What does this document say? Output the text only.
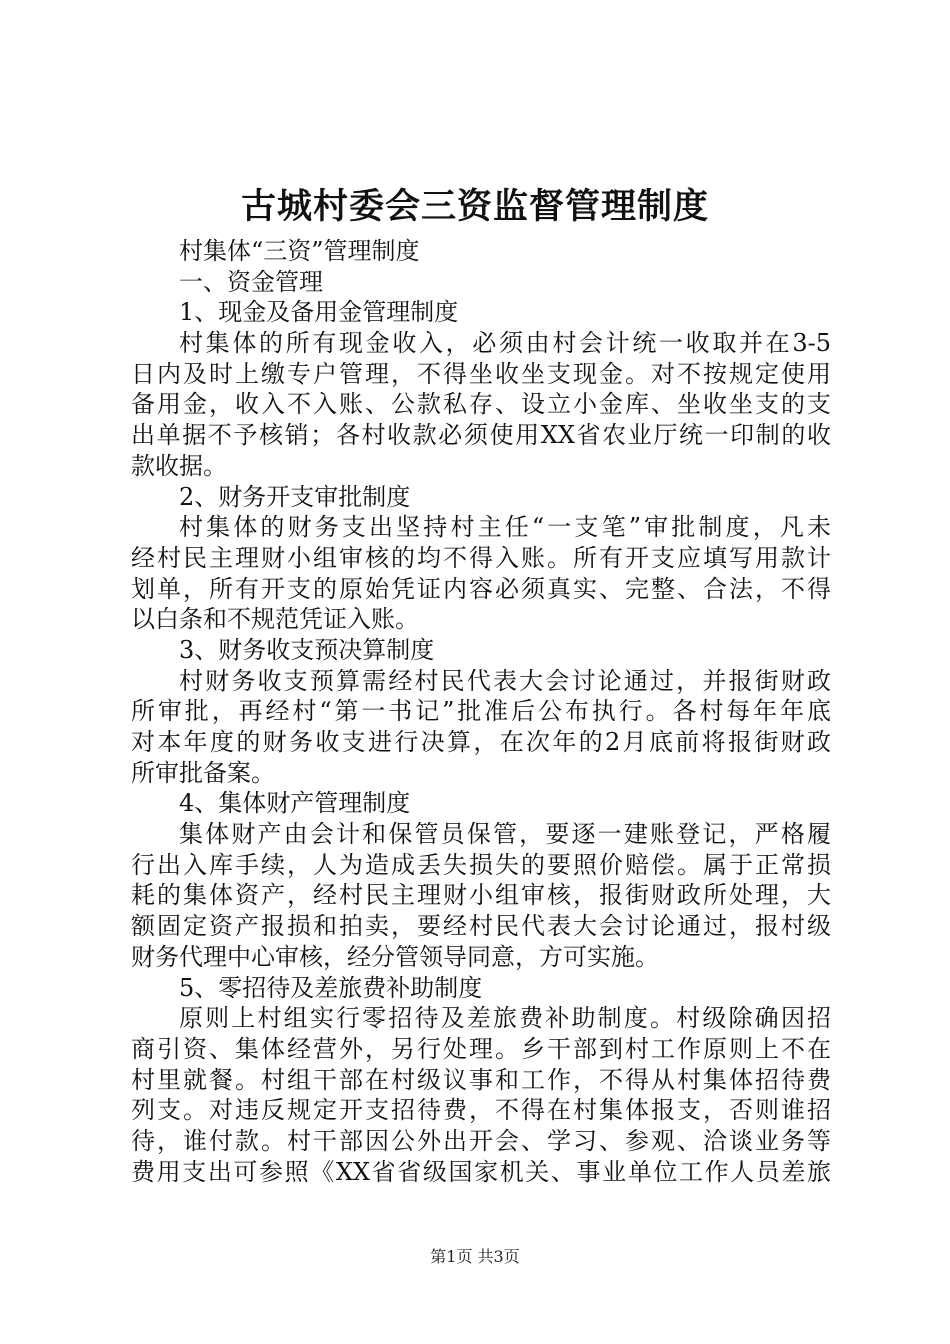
古城村委会三资监督管理制度
村集体“三资”管理制度
一、资金管理
1、现金及备用金管理制度
村集体的所有现金收入，必须由村会计统一收取并在3-5
日内及时上缴专户管理，不得坐收坐支现金。对不按规定使用
备用金，收入不入账、公款私存、设立小金库、坐收坐支的支
出单据不予核销；各村收款必须使用XX省农业厅统一印制的收
款收据。
2、财务开支审批制度
村集体的财务支出坚持村主任“一支笔”审批制度，凡未
经村民主理财小组审核的均不得入账。所有开支应填写用款计
划单，所有开支的原始凭证内容必须真实、完整、合法，不得
以白条和不规范凭证入账。
3、财务收支预决算制度
村财务收支预算需经村民代表大会讨论通过，并报街财政
所审批，再经村“第一书记”批准后公布执行。各村每年年底
对本年度的财务收支进行决算，在次年的2月底前将报街财政
所审批备案。
4、集体财产管理制度
集体财产由会计和保管员保管，要逐一建账登记，严格履
行出入库手续，人为造成丢失损失的要照价赔偿。属于正常损
耗的集体资产，经村民主理财小组审核，报街财政所处理，大
额固定资产报损和拍卖，要经村民代表大会讨论通过，报村级
财务代理中心审核，经分管领导同意，方可实施。
5、零招待及差旅费补助制度
原则上村组实行零招待及差旅费补助制度。村级除确因招
商引资、集体经营外，另行处理。乡干部到村工作原则上不在
村里就餐。村组干部在村级议事和工作，不得从村集体招待费
列支。对违反规定开支招待费，不得在村集体报支，否则谁招
待，谁付款。村干部因公外出开会、学习、参观、洽谈业务等
费用支出可参照《XX省省级国家机关、事业单位工作人员差旅
第1页 共3页
